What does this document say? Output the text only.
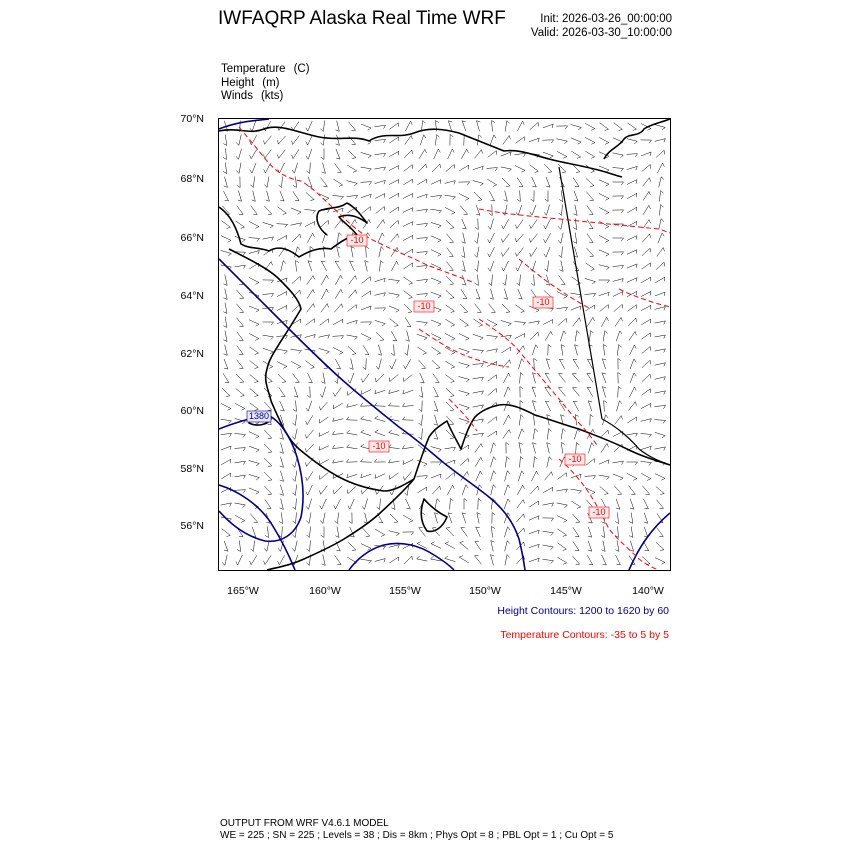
IWFAQRP Alaska Real Time WRF	Init: 2026-03-26_00:00:00
Valid: 2026-03-30_10:00:00
Temperature (C)
Height (m)
Winds (kts)
70°N
68°N
66°N
64°N
62°N
60°N
58°N
56°N
165°W	160°W	155°W	150°W	145°W	140°W
-10
-10	-10
-10
-10
-10
1380
Height Contours: 1200 to 1620 by 60
Temperature Contours: -35 to 5 by 5
OUTPUT FROM WRF V4.6.1 MODEL
WE = 225 ; SN = 225 ; Levels = 38 ; Dis = 8km ; Phys Opt = 8 ; PBL Opt = 1 ; Cu Opt = 5
